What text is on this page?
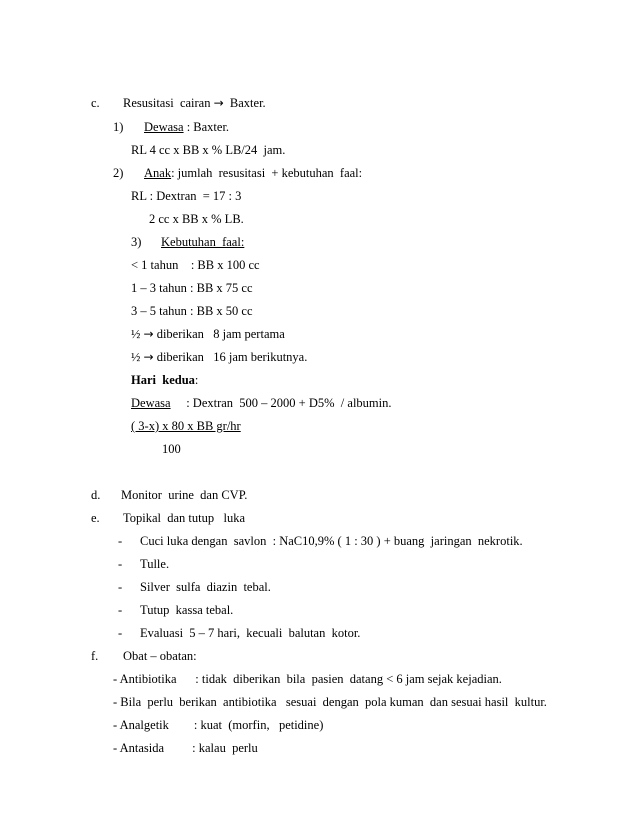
c. Resusitasi  cairan → Baxter.
1) Dewasa : Baxter.
RL 4 cc x BB x % LB/24  jam.
2) Anak: jumlah  resusitasi  + kebutuhan  faal:
RL : Dextran  = 17 : 3
2 cc x BB x % LB.
3) Kebutuhan  faal:
< 1 tahun    : BB x 100 cc
1 – 3 tahun : BB x 75 cc
3 – 5 tahun : BB x 50 cc
½ → diberikan   8 jam pertama
½ → diberikan   16 jam berikutnya.
Hari  kedua:
Dewasa     : Dextran  500 – 2000 + D5%  / albumin.
( 3-x) x 80 x BB gr/hr
100
d. Monitor  urine  dan CVP.
e. Topikal  dan tutup   luka
- Cuci luka dengan  savlon  : NaC10,9% ( 1 : 30 ) + buang  jaringan  nekrotik.
- Tulle.
- Silver  sulfa  diazin  tebal.
- Tutup  kassa tebal.
- Evaluasi  5 – 7 hari,  kecuali  balutan  kotor.
f. Obat – obatan:
- Antibiotika      : tidak  diberikan  bila  pasien  datang < 6 jam sejak kejadian.
- Bila  perlu  berikan  antibiotika   sesuai  dengan  pola kuman  dan sesuai hasil  kultur.
- Analgetik        : kuat  (morfin,   petidine)
- Antasida         : kalau  perlu
